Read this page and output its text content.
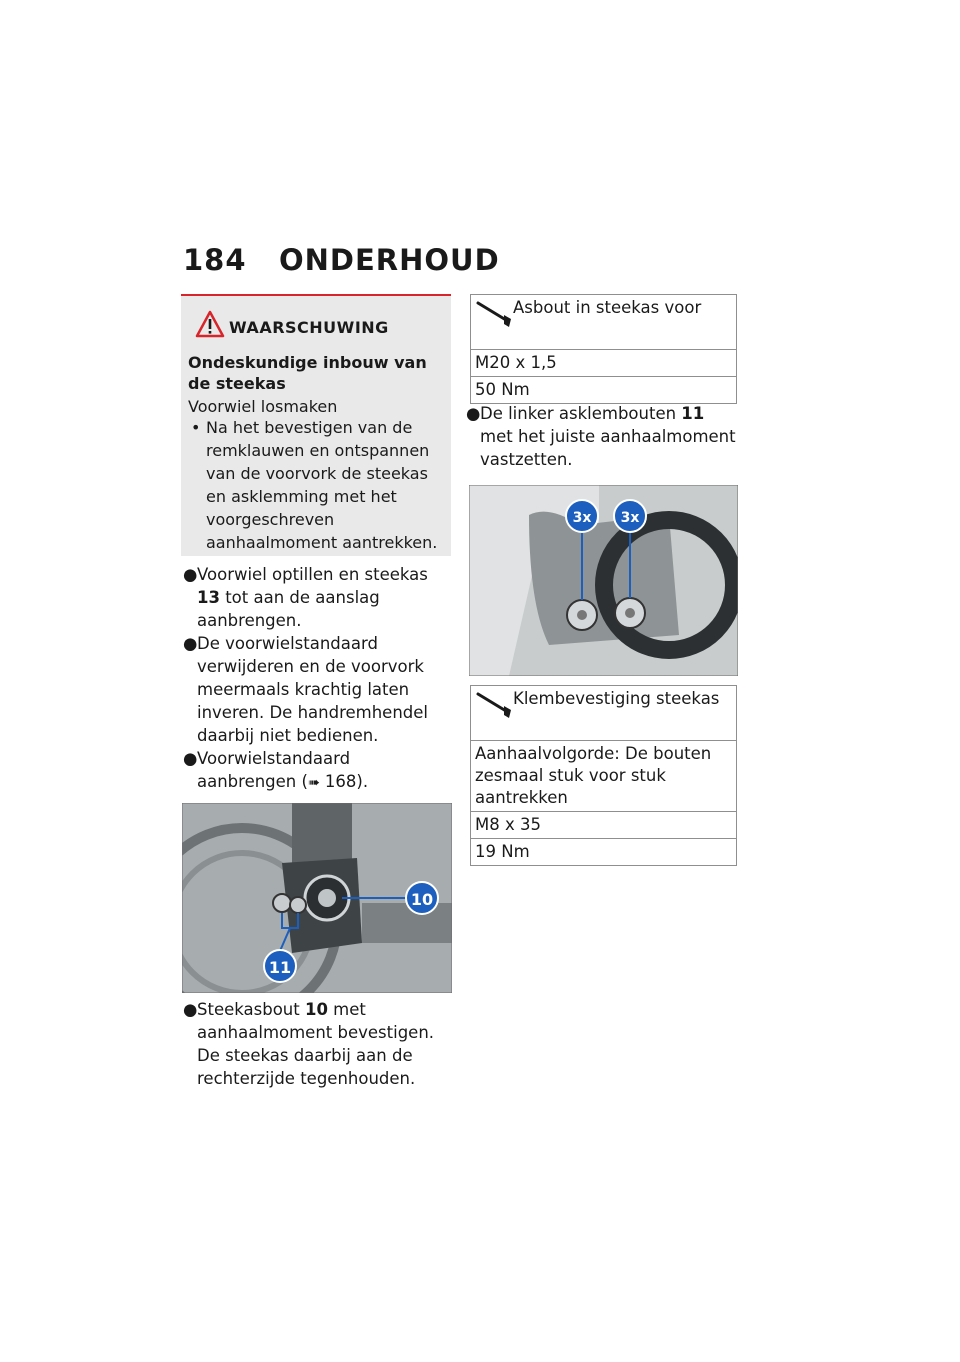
184 ONDERHOUD
WAARSCHUWING
Ondeskundige inbouw van de steekas
Voorwiel losmaken
• Na het bevestigen van de remklauwen en ontspannen van de voorvork de steekas en asklemming met het voorgeschreven aanhaalmoment aantrekken.
● Voorwiel optillen en steekas 13 tot aan de aanslag aanbrengen.
● De voorwielstandaard verwijderen en de voorvork meermaals krachtig laten inveren. De handremhendel daarbij niet bedienen.
● Voorwielstandaard aanbrengen (➠ 168).
10
11
● Steekasbout 10 met aanhaalmoment bevestigen. De steekas daarbij aan de rechterzijde tegenhouden.
Asbout in steekas voor
M20 x 1,5
50 Nm
● De linker asklembouten 11 met het juiste aanhaalmoment vastzetten.
3x	3x
Klembevestiging steekas
Aanhaalvolgorde: De bouten zesmaal stuk voor stuk aantrekken
M8 x 35
19 Nm
